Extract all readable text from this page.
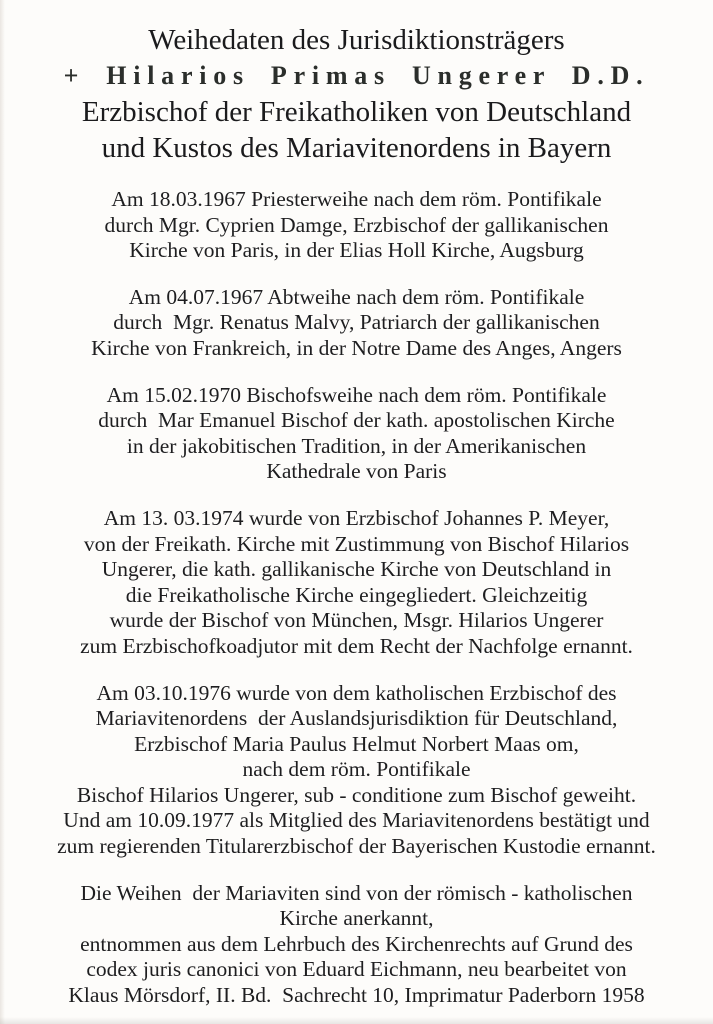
Weihedaten des Jurisdiktionsträgers
+ Hilarios Primas Ungerer D.D.
Erzbischof der Freikatholiken von Deutschland
und Kustos des Mariavitenordens in Bayern
Am 18.03.1967 Priesterweihe nach dem röm. Pontifikale
durch Mgr. Cyprien Damge, Erzbischof der gallikanischen
Kirche von Paris, in der Elias Holl Kirche, Augsburg
Am 04.07.1967 Abtweihe nach dem röm. Pontifikale
durch  Mgr. Renatus Malvy, Patriarch der gallikanischen
Kirche von Frankreich, in der Notre Dame des Anges, Angers
Am 15.02.1970 Bischofsweihe nach dem röm. Pontifikale
durch  Mar Emanuel Bischof der kath. apostolischen Kirche
in der jakobitischen Tradition, in der Amerikanischen
Kathedrale von Paris
Am 13. 03.1974 wurde von Erzbischof Johannes P. Meyer,
von der Freikath. Kirche mit Zustimmung von Bischof Hilarios
Ungerer, die kath. gallikanische Kirche von Deutschland in
die Freikatholische Kirche eingegliedert. Gleichzeitig
wurde der Bischof von München, Msgr. Hilarios Ungerer
zum Erzbischofkoadjutor mit dem Recht der Nachfolge ernannt.
Am 03.10.1976 wurde von dem katholischen Erzbischof des
Mariavitenordens  der Auslandsjurisdiktion für Deutschland,
Erzbischof Maria Paulus Helmut Norbert Maas om,
nach dem röm. Pontifikale
Bischof Hilarios Ungerer, sub - conditione zum Bischof geweiht.
Und am 10.09.1977 als Mitglied des Mariavitenordens bestätigt und
zum regierenden Titularerzbischof der Bayerischen Kustodie ernannt.
Die Weihen  der Mariaviten sind von der römisch - katholischen
Kirche anerkannt,
entnommen aus dem Lehrbuch des Kirchenrechts auf Grund des
codex juris canonici von Eduard Eichmann, neu bearbeitet von
Klaus Mörsdorf, II. Bd.  Sachrecht 10, Imprimatur Paderborn 1958
